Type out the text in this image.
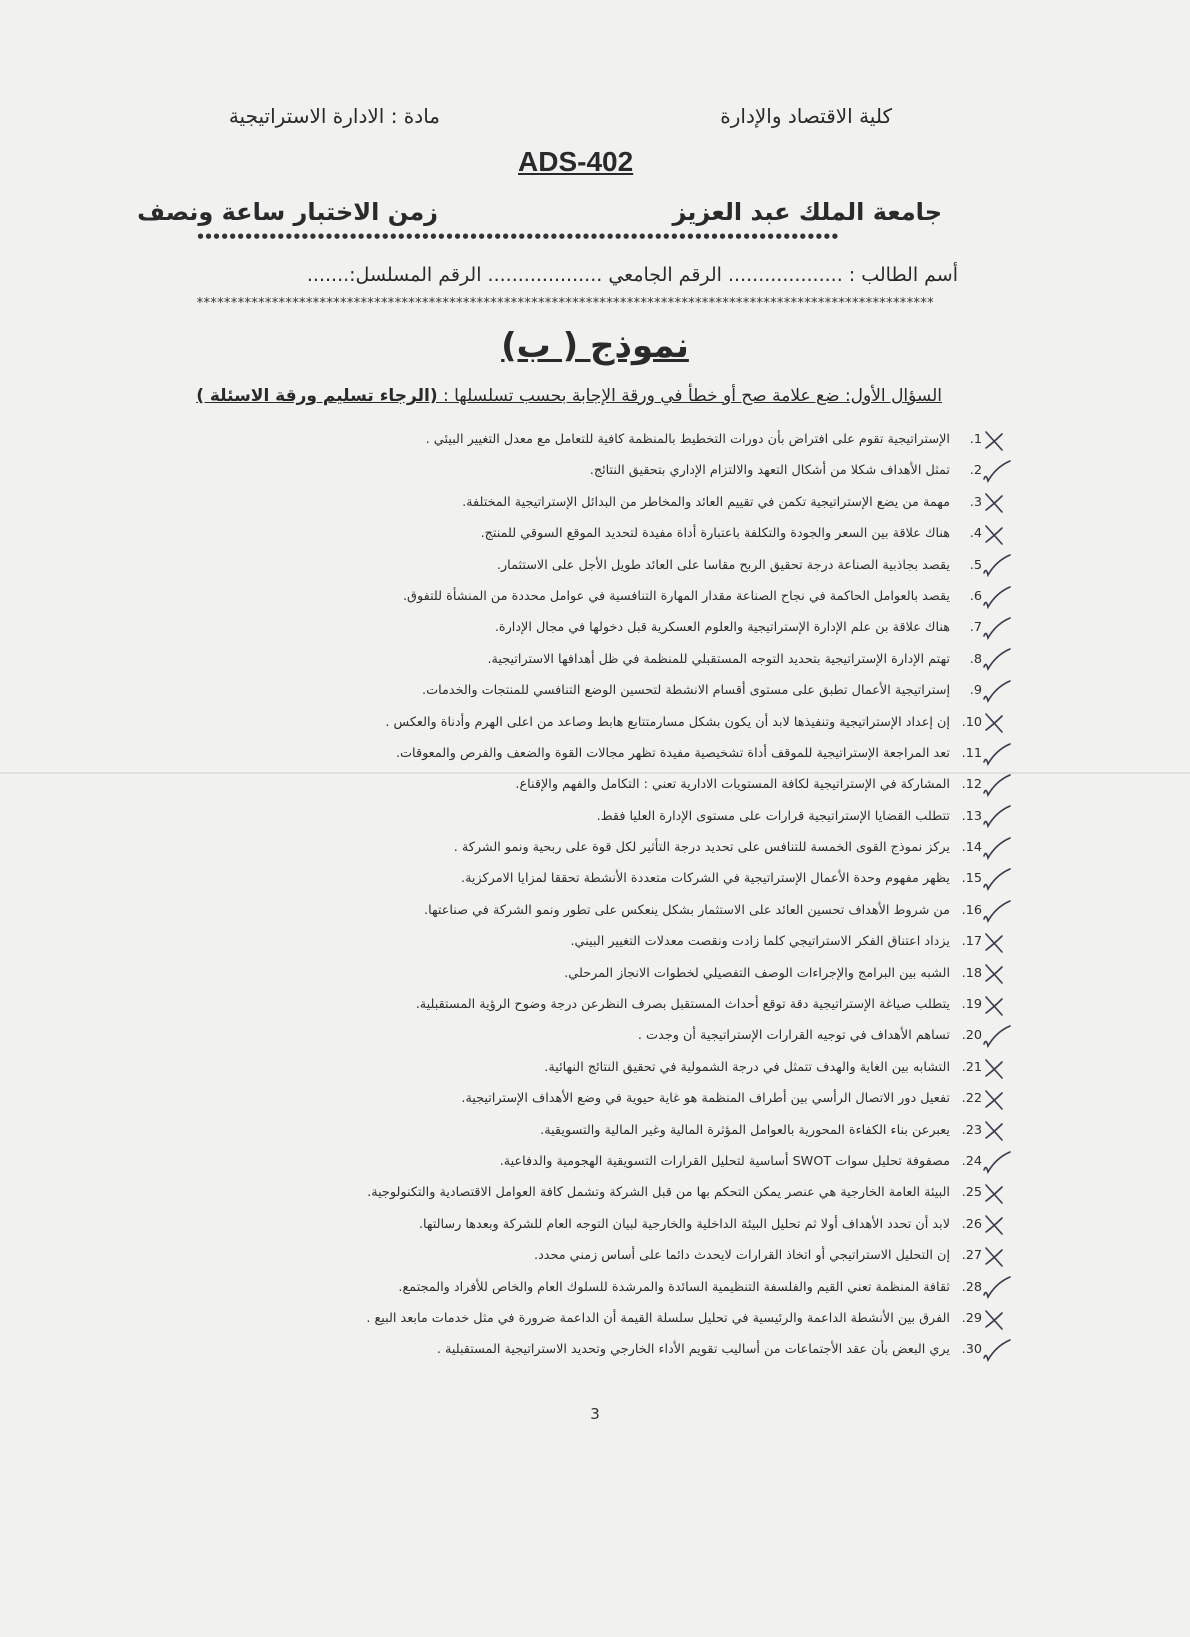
كلية الاقتصاد والإدارة
مادة : الادارة الاستراتيجية
ADS-402
جامعة الملك عبد العزيز
زمن الاختبار ساعة ونصف
••••••••••••••••••••••••••••••••••••••••••••••••••••••••••••••••••••••••••••••••
أسم الطالب : ................... الرقم الجامعي ................... الرقم المسلسل:.......
************************************************************************************************************
نموذج ( ب)
السؤال الأول: ضع علامة صح أو خطأ في ورقة الإجابة بحسب تسلسلها : (الرجاء تسليم ورقة الاسئلة )
1.
الإستراتيجية تقوم على افتراض بأن دورات التخطيط بالمنظمة كافية للتعامل مع معدل التغيير البيئي .
2.
تمثل الأهداف شكلا من أشكال التعهد والالتزام الإداري بتحقيق النتائج.
3.
مهمة من يضع الإستراتيجية تكمن في تقييم العائد والمخاطر من البدائل الإستراتيجية المختلفة.
4.
هناك علاقة بين السعر والجودة والتكلفة باعتبارة أداة مفيدة لتحديد الموقع السوقي للمنتج.
5.
يقصد بجاذبية الصناعة درجة تحقيق الربح مقاسا على العائد طويل الأجل على الاستثمار.
6.
يقصد بالعوامل الحاكمة في نجاح الصناعة مقدار المهارة التنافسية في عوامل محددة من المنشأة للتفوق.
7.
هناك علاقة بن علم الإدارة الإستراتيجية والعلوم العسكرية قبل دخولها في مجال الإدارة.
8.
تهتم الإدارة الإستراتيجية بتحديد التوجه المستقبلي للمنظمة في ظل أهدافها الاستراتيجية.
9.
إستراتيجية الأعمال تطبق على مستوى أقسام الانشطة لتحسين الوضع التنافسي للمنتجات والخدمات.
10.
إن إعداد الإستراتيجية وتنفيذها لابد أن يكون بشكل مسارمتتابع هابط وصاعد من اعلى الهرم وأدناة والعكس .
11.
تعد المراجعة الإستراتيجية للموقف أداة تشخيصية مفيدة تظهر مجالات القوة والضعف والفرص والمعوقات.
12.
المشاركة في الإستراتيجية لكافة المستويات الادارية تعني : التكامل والفهم والإقناع.
13.
تتطلب القضايا الإستراتيجية قرارات على مستوى الإدارة العليا فقط.
14.
يركز نموذج القوى الخمسة للتنافس على تحديد درجة التأثير لكل قوة على ربحية ونمو الشركة .
15.
يظهر مفهوم وحدة الأعمال الإستراتيجية في الشركات متعددة الأنشطة تحققا لمزايا الامركزية.
16.
من شروط الأهداف تحسين العائد على الاستثمار بشكل ينعكس على تطور ونمو الشركة في صناعتها.
17.
يزداد اعتناق الفكر الاستراتيجي كلما زادت ونقصت معدلات التغيير البيني.
18.
الشبه بين البرامج والإجراءات الوصف التفصيلي لخطوات الانجاز المرحلي.
19.
يتطلب صياغة الإستراتيجية دقة توقع أحداث المستقبل بصرف النظرعن درجة وضوح الرؤية المستقبلية.
20.
تساهم الأهداف في توجيه القرارات الإستراتيجية أن وجدت .
21.
التشابه بين الغاية والهدف تتمثل في درجة الشمولية في تحقيق النتائج النهائية.
22.
تفعيل دور الاتصال الرأسي بين أطراف المنظمة هو غاية حيوية في وضع الأهداف الإستراتيجية.
23.
يعبرعن بناء الكفاءة المحورية بالعوامل المؤثرة المالية وغير المالية والتسويقية.
24.
مصفوفة تحليل سوات SWOT أساسية لتحليل القرارات التسويقية الهجومية والدفاعية.
25.
البيئة العامة الخارجية هي عنصر يمكن التحكم بها من قبل الشركة وتشمل كافة العوامل الاقتصادية والتكنولوجية.
26.
لابد أن تحدد الأهداف أولا ثم تحليل البيئة الداخلية والخارجية لبيان التوجه العام للشركة وبعدها رسالتها.
27.
إن التحليل الاستراتيجي أو اتخاذ القرارات لايحدث دائما على أساس زمني محدد.
28.
ثقافة المنظمة تعني القيم والفلسفة التنظيمية السائدة والمرشدة للسلوك العام والخاص للأفراد والمجتمع.
29.
الفرق بين الأنشطة الداعمة والرئيسية في تحليل سلسلة القيمة أن الداعمة ضرورة في مثل خدمات مابعد البيع .
30.
يري البعض بأن عقد الأجتماعات من أساليب تقويم الأداء الخارجي وتحديد الاستراتيجية المستقبلية .
3
